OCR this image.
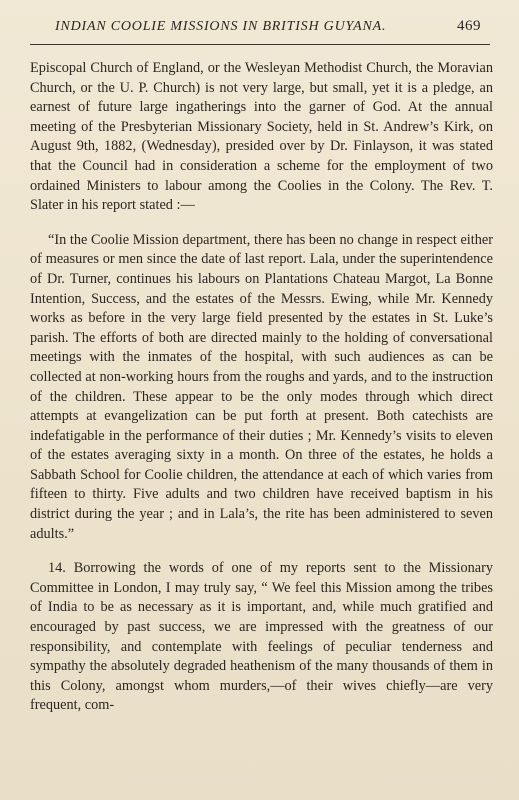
INDIAN COOLIE MISSIONS IN BRITISH GUYANA.	469

Episcopal Church of England, or the Wesleyan Methodist Church, the Moravian Church, or the U. P. Church) is not very large, but small, yet it is a pledge, an earnest of future large ingatherings into the garner of God. At the annual meeting of the Presbyterian Missionary Society, held in St. Andrew’s Kirk, on August 9th, 1882, (Wednesday), presided over by Dr. Finlayson, it was stated that the Council had in consideration a scheme for the employment of two ordained Ministers to labour among the Coolies in the Colony. The Rev. T. Slater in his report stated :—

“In the Coolie Mission department, there has been no change in respect either of measures or men since the date of last report. Lala, under the superintendence of Dr. Turner, continues his labours on Plantations Chateau Margot, La Bonne Intention, Success, and the estates of the Messrs. Ewing, while Mr. Kennedy works as before in the very large field presented by the estates in St. Luke’s parish. The efforts of both are directed mainly to the holding of conversational meetings with the inmates of the hospital, with such audiences as can be collected at non-working hours from the roughs and yards, and to the instruction of the children. These appear to be the only modes through which direct attempts at evangelization can be put forth at present. Both catechists are indefatigable in the performance of their duties ; Mr. Kennedy’s visits to eleven of the estates averaging sixty in a month. On three of the estates, he holds a Sabbath School for Coolie children, the attendance at each of which varies from fifteen to thirty. Five adults and two children have received baptism in his district during the year ; and in Lala’s, the rite has been administered to seven adults.”

14. Borrowing the words of one of my reports sent to the Missionary Committee in London, I may truly say, “ We feel this Mission among the tribes of India to be as necessary as it is important, and, while much gratified and encouraged by past success, we are impressed with the greatness of our responsibility, and contemplate with feelings of peculiar tenderness and sympathy the absolutely degraded heathenism of the many thousands of them in this Colony, amongst whom murders,—of their wives chiefly—are very frequent, com-
